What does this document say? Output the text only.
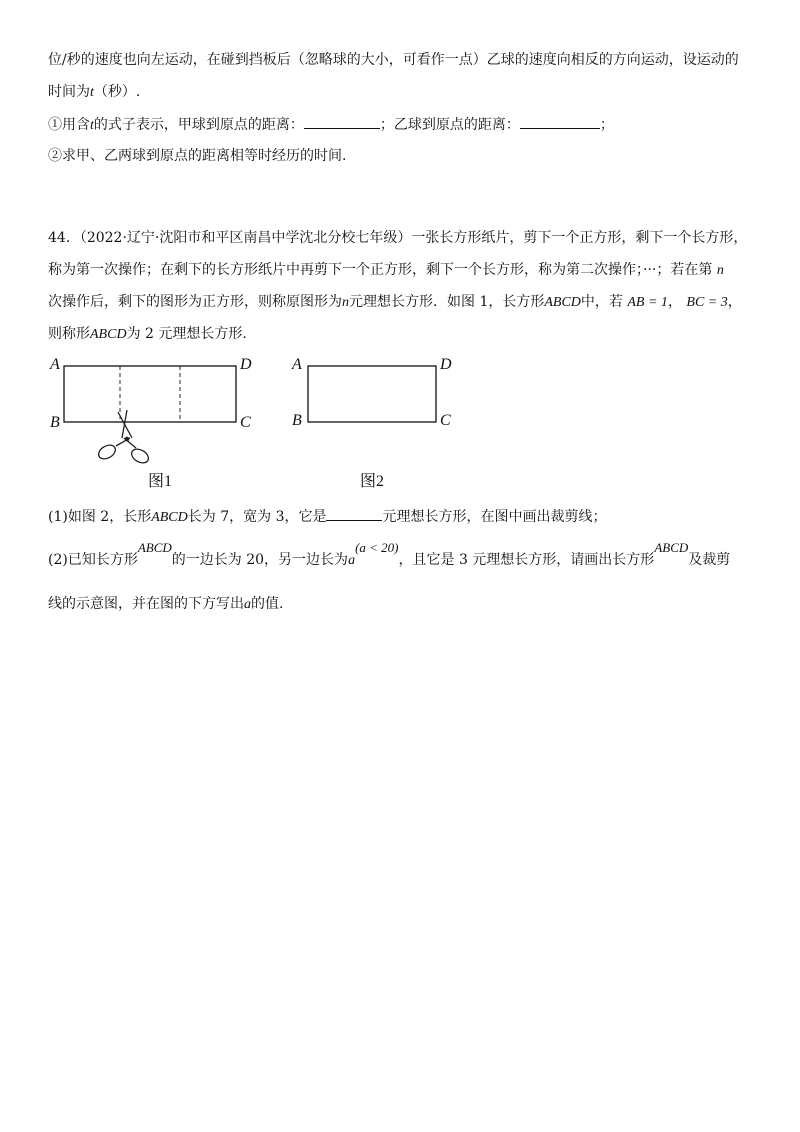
位/秒的速度也向左运动，在碰到挡板后（忽略球的大小，可看作一点）乙球的速度向相反的方向运动，设运动的
时间为t（秒）.
①用含t的式子表示，甲球到原点的距离：	；乙球到原点的距离：	；
②求甲、乙两球到原点的距离相等时经历的时间.
44．（2022·辽宁·沈阳市和平区南昌中学沈北分校七年级）一张长方形纸片，剪下一个正方形，剩下一个长方形，
称为第一次操作；在剩下的长方形纸片中再剪下一个正方形，剩下一个长方形，称为第二次操作；···；若在第 n
次操作后，剩下的图形为正方形，则称原图形为n元理想长方形．如图 1，长方形ABCD中，若 AB = 1， BC = 3，
则称形ABCD为 2 元理想长方形.
A
B
D
C
图1
A
B
D
C
图2
(1)如图 2，长形ABCD长为 7，宽为 3，它是	元理想长方形，在图中画出裁剪线；
(2)已知长方形ABCD的一边长为 20，另一边长为a(a < 20)，且它是 3 元理想长方形，请画出长方形ABCD及裁剪
线的示意图，并在图的下方写出a的值.
